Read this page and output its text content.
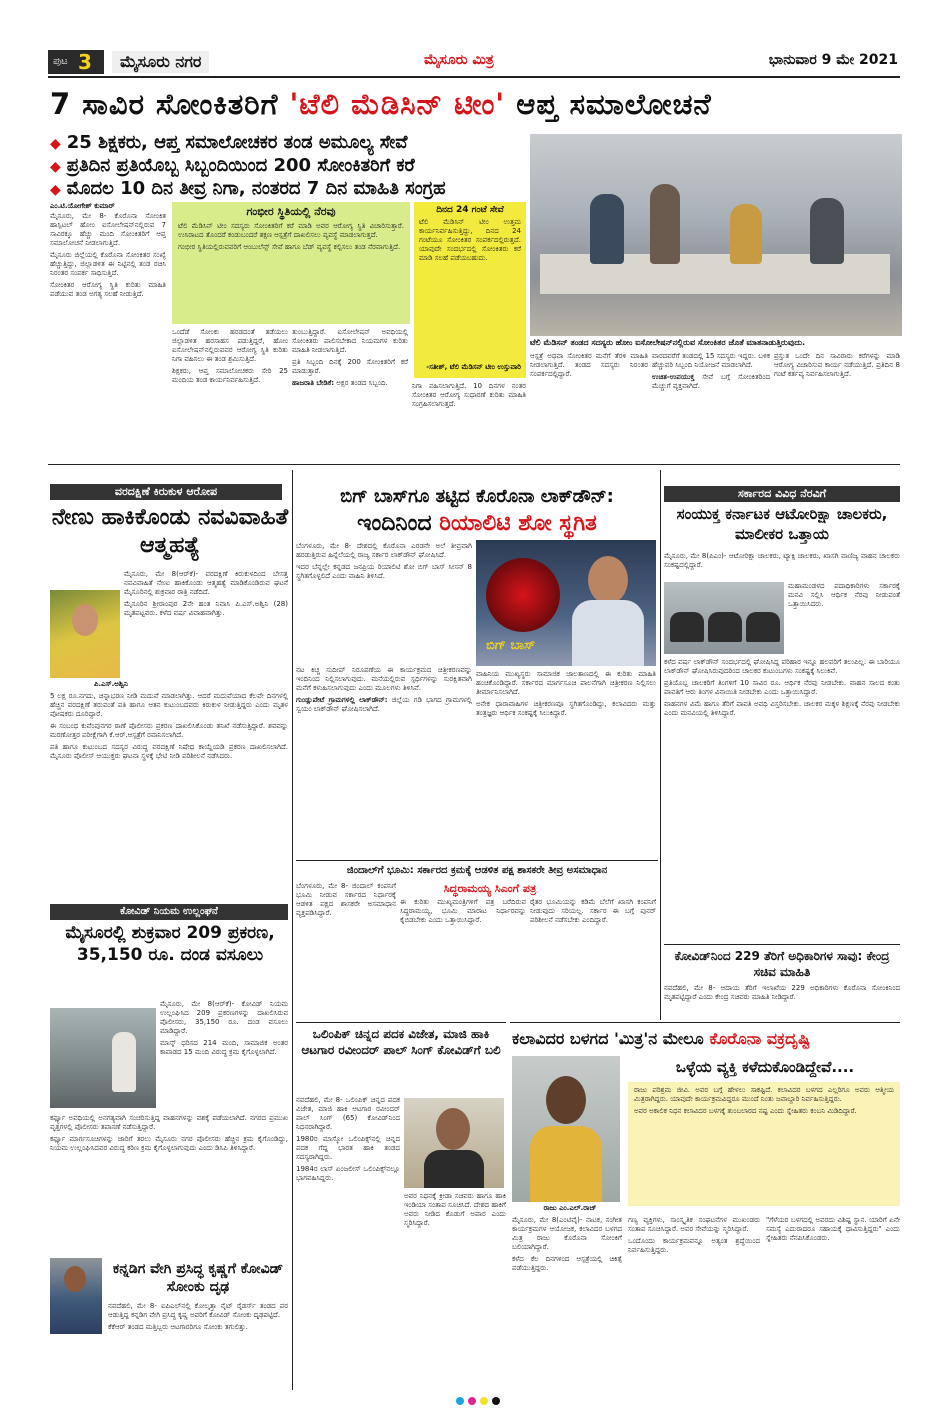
ಪುಟ 3	ಮೈಸೂರು ನಗರ	ಮೈಸೂರು ಮಿತ್ರ	ಭಾನುವಾರ 9 ಮೇ 2021
7 ಸಾವಿರ ಸೋಂಕಿತರಿಗೆ 'ಟೆಲಿ ಮೆಡಿಸಿನ್ ಟೀಂ' ಆಪ್ತ ಸಮಾಲೋಚನೆ
◆ 25 ಶಿಕ್ಷಕರು, ಆಪ್ತ ಸಮಾಲೋಚಕರ ತಂಡ ಅಮೂಲ್ಯ ಸೇವೆ
◆ ಪ್ರತಿದಿನ ಪ್ರತಿಯೊಬ್ಬ ಸಿಬ್ಬಂದಿಯಿಂದ 200 ಸೋಂಕಿತರಿಗೆ ಕರೆ
◆ ಮೊದಲ 10 ದಿನ ತೀವ್ರ ನಿಗಾ, ನಂತರದ 7 ದಿನ ಮಾಹಿತಿ ಸಂಗ್ರಹ
ಟೆಲಿ ಮೆಡಿಸನ್ ತಂಡದ ಸದಸ್ಯರು ಹೋಂ ಐಸೋಲೇಷನ್‌ನಲ್ಲಿರುವ ಸೋಂಕಿತರ ಜೊತೆ ಮಾತನಾಡುತ್ತಿರುವುದು.
ಎಂ.ಟಿ.ಯೋಗೇಶ್ ಕುಮಾರ್

ಮೈಸೂರು, ಮೇ 8- ಕೊರೊನಾ ಸೋಂಕಿತ ಹಾಸ್ಪಿಟಲ್ ಹೋಂ ಐಸೋಲೇಷನ್‌ನಲ್ಲಿರುವ 7 ಸಾವಿರಕ್ಕೂ ಹೆಚ್ಚು ಮಂದಿ ಸೋಂಕಿತರಿಗೆ ಆಪ್ತ ಸಮಾಲೋಚನೆ ನೀಡಲಾಗುತ್ತಿದೆ.

ಮೈಸೂರು ಜಿಲ್ಲೆಯಲ್ಲಿ ಕೊರೊನಾ ಸೋಂಕಿತರ ಸಂಖ್ಯೆ ಹೆಚ್ಚುತ್ತಿದ್ದು, ಜಿಲ್ಲಾಡಳಿತ ಈ ನಿಟ್ಟಿನಲ್ಲಿ ತಂಡ ರಚಿಸಿ ನಿರಂತರ ಸಂಪರ್ಕ ಸಾಧಿಸುತ್ತಿದೆ.

ಸೋಂಕಿತರ ಆರೋಗ್ಯ ಸ್ಥಿತಿ ಕುರಿತು ಮಾಹಿತಿ ಪಡೆಯುವ ತಂಡ ಅಗತ್ಯ ಸಲಹೆ ನೀಡುತ್ತಿದೆ.

ಗಂಭೀರ ಸ್ಥಿತಿಯಲ್ಲಿ ನೆರವು

ಟೆಲಿ ಮೆಡಿಸಿನ್ ಟೀಂ ಸದಸ್ಯರು ಸೋಂಕಿತರಿಗೆ ಕರೆ ಮಾಡಿ ಅವರ ಆರೋಗ್ಯ ಸ್ಥಿತಿ ವಿಚಾರಿಸುತ್ತಾರೆ. ಉಸಿರಾಟದ ತೊಂದರೆ ಕಂಡುಬಂದರೆ ತಕ್ಷಣ ಆಸ್ಪತ್ರೆಗೆ ದಾಖಲಿಸಲು ವ್ಯವಸ್ಥೆ ಮಾಡಲಾಗುತ್ತದೆ.

ಗಂಭೀರ ಸ್ಥಿತಿಯಲ್ಲಿರುವವರಿಗೆ ಆಂಬುಲೆನ್ಸ್ ಸೇವೆ ಹಾಗೂ ಬೆಡ್ ವ್ಯವಸ್ಥೆ ಕಲ್ಪಿಸಲು ತಂಡ ನೆರವಾಗುತ್ತಿದೆ.

ದಿನದ 24 ಗಂಟೆ ಸೇವೆ

ಟೆಲಿ ಮೆಡಿಸಿನ್ ಟೀಂ ಉತ್ತಮ ಕಾರ್ಯನಿರ್ವಹಿಸುತ್ತಿದ್ದು, ದಿನದ 24 ಗಂಟೆಯೂ ಸೋಂಕಿತರ ಸಂಪರ್ಕದಲ್ಲಿರುತ್ತದೆ. ಯಾವುದೇ ಸಂದರ್ಭದಲ್ಲಿ ಸೋಂಕಿತರು ಕರೆ ಮಾಡಿ ಸಲಹೆ ಪಡೆಯಬಹುದು.

-ಸತೀಶ್, ಟೆಲಿ ಮೆಡಿಸನ್ ಟೀಂ ಉಸ್ತುವಾರಿ

ಒಂದೆಡೆ ಸೋಂಕು ಹರಡದಂತೆ ತಡೆಯಲು ಜಿಲ್ಲಾಡಳಿತ ಹರಸಾಹಸ ಪಡುತ್ತಿದ್ದರೆ, ಹೋಂ ಐಸೋಲೇಷನ್‌ನಲ್ಲಿರುವವರ ಆರೋಗ್ಯ ಸ್ಥಿತಿ ಕುರಿತು ನಿಗಾ ವಹಿಸಲು ಈ ತಂಡ ಶ್ರಮಿಸುತ್ತಿದೆ.

ಶಿಕ್ಷಕರು, ಆಪ್ತ ಸಮಾಲೋಚಕರು ಸೇರಿ 25 ಮಂದಿಯ ತಂಡ ಕಾರ್ಯನಿರ್ವಹಿಸುತ್ತಿದೆ.

ತುಂಬುತ್ತಿದ್ದಾರೆ. ಐಸೋಲೇಷನ್ ಅವಧಿಯಲ್ಲಿ ಸೋಂಕಿತರು ಪಾಲಿಸಬೇಕಾದ ನಿಯಮಗಳ ಕುರಿತು ಮಾಹಿತಿ ನೀಡಲಾಗುತ್ತಿದೆ.

ಪ್ರತಿ ಸಿಬ್ಬಂದಿ ದಿನಕ್ಕೆ 200 ಸೋಂಕಿತರಿಗೆ ಕರೆ ಮಾಡುತ್ತಾರೆ.

ಹಾಜರಾತಿ ಬೇಡಿಕೆ: ಅಕ್ಷರ ತಂಡದ ಸಿಬ್ಬಂದಿ.	ನಿಗಾ ವಹಿಸಲಾಗುತ್ತಿದೆ. 10 ದಿನಗಳ ನಂತರ ಸೋಂಕಿತರ ಆರೋಗ್ಯ ಸುಧಾರಣೆ ಕುರಿತು ಮಾಹಿತಿ ಸಂಗ್ರಹಿಸಲಾಗುತ್ತದೆ.

ಆಸ್ಪತ್ರೆ ಅಥವಾ ಸೋಂಕಿತರ ಮನೆಗೆ ತೆರಳಿ ಮಾಹಿತಿ ನೀಡಲಾಗುತ್ತಿದೆ. ತಂಡದ ಸದಸ್ಯರು ನಿರಂತರ ಸಂಪರ್ಕದಲ್ಲಿದ್ದಾರೆ.

ವಾರದವರೆಗೆ ತಂಡದಲ್ಲಿ 15 ಸದಸ್ಯರು ಇದ್ದರು. ಬಳಿಕ ಹೆಚ್ಚುವರಿ ಸಿಬ್ಬಂದಿ ನಿಯೋಜನೆ ಮಾಡಲಾಗಿದೆ.

ಉಚಿತ-ಉಪಯುಕ್ತ ಸೇವೆ ಬಗ್ಗೆ ಸೋಂಕಿತರಿಂದ ಮೆಚ್ಚುಗೆ ವ್ಯಕ್ತವಾಗಿದೆ.

ಪ್ರಸ್ತುತ ಒಂದೇ ದಿನ ಸಾವಿರಾರು ಕರೆಗಳನ್ನು ಮಾಡಿ ಆರೋಗ್ಯ ವಿಚಾರಿಸುವ ಕಾರ್ಯ ನಡೆಯುತ್ತಿದೆ. ಪ್ರತಿದಿನ 8 ಗಂಟೆ ಕರ್ತವ್ಯ ನಿರ್ವಹಿಸಲಾಗುತ್ತಿದೆ.

ವರದಕ್ಷಿಣೆ ಕಿರುಕುಳ ಆರೋಪ
ನೇಣು ಹಾಕಿಕೊಂಡು ನವವಿವಾಹಿತೆ ಆತ್ಮಹತ್ಯೆ
ಪಿ.ಎಸ್.ಅಶ್ವಿನಿ

ಮೈಸೂರು, ಮೇ 8(ಆರ್‌ಕೆ)- ವರದಕ್ಷಿಣೆ ಕಿರುಕುಳದಿಂದ ಬೇಸತ್ತ ನವವಿವಾಹಿತೆ ನೇಣು ಹಾಕಿಕೊಂಡು ಆತ್ಮಹತ್ಯೆ ಮಾಡಿಕೊಂಡಿರುವ ಘಟನೆ ಮೈಸೂರಿನಲ್ಲಿ ಶುಕ್ರವಾರ ರಾತ್ರಿ ನಡೆದಿದೆ.

ಮೈಸೂರಿನ ಶ್ರೀರಾಂಪುರ 2ನೇ ಹಂತ ನಿವಾಸಿ ಪಿ.ಎಸ್.ಅಶ್ವಿನಿ (28) ಮೃತಪಟ್ಟವರು. ಕಳೆದ ವರ್ಷ ವಿವಾಹವಾಗಿತ್ತು.

5 ಲಕ್ಷ ರೂ.ನಗದು, ಚಿನ್ನಾಭರಣ ನೀಡಿ ಮದುವೆ ಮಾಡಲಾಗಿತ್ತು. ಆದರೆ ಮದುವೆಯಾದ ಕೆಲವೇ ದಿನಗಳಲ್ಲಿ ಹೆಚ್ಚಿನ ವರದಕ್ಷಿಣೆ ತರುವಂತೆ ಪತಿ ಹಾಗೂ ಆತನ ಕುಟುಂಬದವರು ಕಿರುಕುಳ ನೀಡುತ್ತಿದ್ದರು ಎಂದು ಮೃತಳ ಪೋಷಕರು ದೂರಿದ್ದಾರೆ.

ಈ ಸಂಬಂಧ ಕುವೆಂಪುನಗರ ಠಾಣೆ ಪೊಲೀಸರು ಪ್ರಕರಣ ದಾಖಲಿಸಿಕೊಂಡು ತನಿಖೆ ನಡೆಸುತ್ತಿದ್ದಾರೆ. ಶವವನ್ನು ಮರಣೋತ್ತರ ಪರೀಕ್ಷೆಗಾಗಿ ಕೆ.ಆರ್.ಆಸ್ಪತ್ರೆಗೆ ರವಾನಿಸಲಾಗಿದೆ.

ಪತಿ ಹಾಗೂ ಕುಟುಂಬದ ಸದಸ್ಯರ ವಿರುದ್ಧ ವರದಕ್ಷಿಣೆ ನಿಷೇಧ ಕಾಯ್ದೆಯಡಿ ಪ್ರಕರಣ ದಾಖಲಿಸಲಾಗಿದೆ. ಮೈಸೂರು ಪೊಲೀಸ್ ಆಯುಕ್ತರು ಘಟನಾ ಸ್ಥಳಕ್ಕೆ ಭೇಟಿ ನೀಡಿ ಪರಿಶೀಲನೆ ನಡೆಸಿದರು.

ಕೋವಿಡ್ ನಿಯಮ ಉಲ್ಲಂಘನೆ
ಮೈಸೂರಲ್ಲಿ ಶುಕ್ರವಾರ 209 ಪ್ರಕರಣ, 35,150 ರೂ. ದಂಡ ವಸೂಲು

ಮೈಸೂರು, ಮೇ 8(ಆರ್‌ಕೆ)- ಕೋವಿಡ್ ನಿಯಮ ಉಲ್ಲಂಘಿಸಿದ 209 ಪ್ರಕರಣಗಳನ್ನು ದಾಖಲಿಸಿರುವ ಪೊಲೀಸರು, 35,150 ರೂ. ದಂಡ ವಸೂಲು ಮಾಡಿದ್ದಾರೆ.

ಮಾಸ್ಕ್ ಧರಿಸದ 214 ಮಂದಿ, ಸಾಮಾಜಿಕ ಅಂತರ ಕಾಪಾಡದ 15 ಮಂದಿ ವಿರುದ್ಧ ಕ್ರಮ ಕೈಗೊಳ್ಳಲಾಗಿದೆ.

ಕರ್ಫ್ಯೂ ಅವಧಿಯಲ್ಲಿ ಅನಗತ್ಯವಾಗಿ ಸಂಚರಿಸುತ್ತಿದ್ದ ವಾಹನಗಳನ್ನು ವಶಕ್ಕೆ ಪಡೆಯಲಾಗಿದೆ. ನಗರದ ಪ್ರಮುಖ ವೃತ್ತಗಳಲ್ಲಿ ಪೊಲೀಸರು ತಪಾಸಣೆ ನಡೆಸುತ್ತಿದ್ದಾರೆ.

ಕರ್ಫ್ಯೂ ಮಾರ್ಗಸೂಚಿಗಳನ್ನು ಜಾರಿಗೆ ತರಲು ಮೈಸೂರು ನಗರ ಪೊಲೀಸರು ಹೆಚ್ಚಿನ ಕ್ರಮ ಕೈಗೊಂಡಿದ್ದು, ನಿಯಮ ಉಲ್ಲಂಘಿಸಿದವರ ವಿರುದ್ಧ ಕಠಿಣ ಕ್ರಮ ಕೈಗೊಳ್ಳಲಾಗುವುದು ಎಂದು ಡಿಸಿಪಿ ತಿಳಿಸಿದ್ದಾರೆ.

ಕನ್ನಡಿಗ ವೇಗಿ ಪ್ರಸಿದ್ಧ ಕೃಷ್ಣಗೆ ಕೋವಿಡ್ ಸೋಂಕು ದೃಢ

ನವದೆಹಲಿ, ಮೇ 8- ಐಪಿಎಲ್‌ನಲ್ಲಿ ಕೋಲ್ಕತ್ತಾ ನೈಟ್ ರೈಡರ್ಸ್ ತಂಡದ ಪರ ಆಡುತ್ತಿದ್ದ ಕನ್ನಡಿಗ ವೇಗಿ ಪ್ರಸಿದ್ಧ ಕೃಷ್ಣ ಅವರಿಗೆ ಕೋವಿಡ್ ಸೋಂಕು ದೃಢಪಟ್ಟಿದೆ.

ಕೆಕೆಆರ್ ತಂಡದ ಮತ್ತಿಬ್ಬರು ಆಟಗಾರರಿಗೂ ಸೋಂಕು ತಗುಲಿತ್ತು.

ಬಿಗ್ ಬಾಸ್‌ಗೂ ತಟ್ಟಿದ ಕೊರೊನಾ ಲಾಕ್‌ಡೌನ್:
ಇಂದಿನಿಂದ ರಿಯಾಲಿಟಿ ಶೋ ಸ್ಥಗಿತ

ಬೆಂಗಳೂರು, ಮೇ 8- ದೇಶದಲ್ಲಿ ಕೊರೊನಾ ಎರಡನೇ ಅಲೆ ತೀವ್ರವಾಗಿ ಹರಡುತ್ತಿರುವ ಹಿನ್ನೆಲೆಯಲ್ಲಿ ರಾಜ್ಯ ಸರ್ಕಾರ ಲಾಕ್‌ಡೌನ್ ಘೋಷಿಸಿದೆ.

ಇದರ ಬೆನ್ನಲ್ಲೇ ಕನ್ನಡದ ಜನಪ್ರಿಯ ರಿಯಾಲಿಟಿ ಶೋ ಬಿಗ್ ಬಾಸ್ ಸೀಸನ್ 8 ಸ್ಥಗಿತಗೊಳ್ಳಲಿದೆ ಎಂದು ವಾಹಿನಿ ತಿಳಿಸಿದೆ.

ಬಿಗ್ ಬಾಸ್

ನಟ ಕಿಚ್ಚ ಸುದೀಪ್ ನಿರೂಪಣೆಯ ಈ ಕಾರ್ಯಕ್ರಮದ ಚಿತ್ರೀಕರಣವನ್ನು ಇಂದಿನಿಂದ ನಿಲ್ಲಿಸಲಾಗುವುದು. ಮನೆಯಲ್ಲಿರುವ ಸ್ಪರ್ಧಿಗಳನ್ನು ಸುರಕ್ಷಿತವಾಗಿ ಮನೆಗೆ ಕಳುಹಿಸಲಾಗುವುದು ಎಂದು ಮೂಲಗಳು ತಿಳಿಸಿವೆ.

ಗುಂಡ್ಲುಪೇಟೆ ಗ್ರಾಮಗಳಲ್ಲಿ ಲಾಕ್‌ಡೌನ್: ಜಿಲ್ಲೆಯ ಗಡಿ ಭಾಗದ ಗ್ರಾಮಗಳಲ್ಲಿ ಸ್ವಯಂ ಲಾಕ್‌ಡೌನ್ ಘೋಷಿಸಲಾಗಿದೆ.

ವಾಹಿನಿಯ ಮುಖ್ಯಸ್ಥರು ಸಾಮಾಜಿಕ ಜಾಲತಾಣದಲ್ಲಿ ಈ ಕುರಿತು ಮಾಹಿತಿ ಹಂಚಿಕೊಂಡಿದ್ದಾರೆ. ಸರ್ಕಾರದ ಮಾರ್ಗಸೂಚಿ ಪಾಲನೆಗಾಗಿ ಚಿತ್ರೀಕರಣ ನಿಲ್ಲಿಸಲು ತೀರ್ಮಾನಿಸಲಾಗಿದೆ.

ಅನೇಕ ಧಾರಾವಾಹಿಗಳ ಚಿತ್ರೀಕರಣವೂ ಸ್ಥಗಿತಗೊಂಡಿದ್ದು, ಕಲಾವಿದರು ಮತ್ತು ತಂತ್ರಜ್ಞರು ಆರ್ಥಿಕ ಸಂಕಷ್ಟಕ್ಕೆ ಸಿಲುಕಿದ್ದಾರೆ.

ಜಿಂದಾಲ್‌ಗೆ ಭೂಮಿ: ಸರ್ಕಾರದ ಕ್ರಮಕ್ಕೆ ಆಡಳಿತ ಪಕ್ಷ ಶಾಸಕರೇ ತೀವ್ರ ಅಸಮಾಧಾನ
ಸಿದ್ಧರಾಮಯ್ಯ ಸಿಎಂಗೆ ಪತ್ರ

ಬೆಂಗಳೂರು, ಮೇ 8- ಜಿಂದಾಲ್ ಕಂಪನಿಗೆ ಭೂಮಿ ನೀಡುವ ಸರ್ಕಾರದ ನಿರ್ಧಾರಕ್ಕೆ ಆಡಳಿತ ಪಕ್ಷದ ಶಾಸಕರೇ ಅಸಮಾಧಾನ ವ್ಯಕ್ತಪಡಿಸಿದ್ದಾರೆ.

ಈ ಕುರಿತು ಮುಖ್ಯಮಂತ್ರಿಗಳಿಗೆ ಪತ್ರ ಬರೆದಿರುವ ಸಿದ್ಧರಾಮಯ್ಯ, ಭೂಮಿ ಮಾರಾಟ ನಿರ್ಧಾರವನ್ನು ಕೈಬಿಡಬೇಕು ಎಂದು ಒತ್ತಾಯಿಸಿದ್ದಾರೆ.

ರೈತರ ಭೂಮಿಯನ್ನು ಕಡಿಮೆ ಬೆಲೆಗೆ ಖಾಸಗಿ ಕಂಪನಿಗೆ ನೀಡುವುದು ಸರಿಯಲ್ಲ. ಸರ್ಕಾರ ಈ ಬಗ್ಗೆ ಪುನರ್ ಪರಿಶೀಲನೆ ನಡೆಸಬೇಕು ಎಂದಿದ್ದಾರೆ.

ಒಲಿಂಪಿಕ್ ಚಿನ್ನದ ಪದಕ ವಿಜೇತ, ಮಾಜಿ ಹಾಕಿ ಆಟಗಾರ ರವೀಂದರ್ ಪಾಲ್ ಸಿಂಗ್ ಕೋವಿಡ್‌ಗೆ ಬಲಿ

ನವದೆಹಲಿ, ಮೇ 8- ಒಲಿಂಪಿಕ್ ಚಿನ್ನದ ಪದಕ ವಿಜೇತ, ಮಾಜಿ ಹಾಕಿ ಆಟಗಾರ ರವೀಂದರ್ ಪಾಲ್ ಸಿಂಗ್ (65) ಕೋವಿಡ್‌ನಿಂದ ನಿಧನರಾಗಿದ್ದಾರೆ.

1980ರ ಮಾಸ್ಕೋ ಒಲಿಂಪಿಕ್ಸ್‌ನಲ್ಲಿ ಚಿನ್ನದ ಪದಕ ಗೆದ್ದ ಭಾರತ ಹಾಕಿ ತಂಡದ ಸದಸ್ಯರಾಗಿದ್ದರು.

1984ರ ಲಾಸ್ ಏಂಜಲೀಸ್ ಒಲಿಂಪಿಕ್ಸ್‌ನಲ್ಲೂ ಭಾಗವಹಿಸಿದ್ದರು.

ಅವರ ನಿಧನಕ್ಕೆ ಕ್ರೀಡಾ ಸಚಿವರು ಹಾಗೂ ಹಾಕಿ ಇಂಡಿಯಾ ಸಂತಾಪ ಸೂಚಿಸಿದೆ. ದೇಶದ ಹಾಕಿಗೆ ಅವರು ನೀಡಿದ ಕೊಡುಗೆ ಅಪಾರ ಎಂದು ಸ್ಮರಿಸಿದ್ದಾರೆ.

ಸರ್ಕಾರದ ವಿವಿಧ ನೆರವಿಗೆ
ಸಂಯುಕ್ತ ಕರ್ನಾಟಕ ಆಟೋರಿಕ್ಷಾ ಚಾಲಕರು, ಮಾಲೀಕರ ಒತ್ತಾಯ

ಮೈಸೂರು, ಮೇ 8(ಪಿಎಂ)- ಆಟೋರಿಕ್ಷಾ ಚಾಲಕರು, ಟ್ಯಾಕ್ಸಿ ಚಾಲಕರು, ಖಾಸಗಿ ವಾಣಿಜ್ಯ ವಾಹನ ಚಾಲಕರು ಸಂಕಷ್ಟದಲ್ಲಿದ್ದಾರೆ.

ಮಹಾಮಂಡಳದ ಪದಾಧಿಕಾರಿಗಳು ಸರ್ಕಾರಕ್ಕೆ ಮನವಿ ಸಲ್ಲಿಸಿ ಆರ್ಥಿಕ ನೆರವು ನೀಡುವಂತೆ ಒತ್ತಾಯಿಸಿದರು.

ಕಳೆದ ವರ್ಷ ಲಾಕ್‌ಡೌನ್ ಸಂದರ್ಭದಲ್ಲಿ ಘೋಷಿಸಿದ್ದ ಪರಿಹಾರ ಇನ್ನೂ ಹಲವರಿಗೆ ತಲುಪಿಲ್ಲ. ಈ ಬಾರಿಯೂ ಲಾಕ್‌ಡೌನ್ ಘೋಷಿಸಿರುವುದರಿಂದ ಚಾಲಕರ ಕುಟುಂಬಗಳು ಸಂಕಷ್ಟಕ್ಕೆ ಸಿಲುಕಿವೆ.

ಪ್ರತಿಯೊಬ್ಬ ಚಾಲಕರಿಗೆ ತಿಂಗಳಿಗೆ 10 ಸಾವಿರ ರೂ. ಆರ್ಥಿಕ ನೆರವು ನೀಡಬೇಕು. ವಾಹನ ಸಾಲದ ಕಂತು ಪಾವತಿಗೆ ಆರು ತಿಂಗಳ ವಿನಾಯಿತಿ ನೀಡಬೇಕು ಎಂದು ಒತ್ತಾಯಿಸಿದ್ದಾರೆ.

ವಾಹನಗಳ ವಿಮೆ ಹಾಗೂ ತೆರಿಗೆ ಪಾವತಿ ಅವಧಿ ವಿಸ್ತರಿಸಬೇಕು. ಚಾಲಕರ ಮಕ್ಕಳ ಶಿಕ್ಷಣಕ್ಕೆ ನೆರವು ನೀಡಬೇಕು ಎಂದು ಮನವಿಯಲ್ಲಿ ತಿಳಿಸಿದ್ದಾರೆ.

ಕೋವಿಡ್‌ನಿಂದ 229 ತೆರಿಗೆ ಅಧಿಕಾರಿಗಳ ಸಾವು: ಕೇಂದ್ರ ಸಚಿವ ಮಾಹಿತಿ

ನವದೆಹಲಿ, ಮೇ 8- ಆದಾಯ ತೆರಿಗೆ ಇಲಾಖೆಯ 229 ಅಧಿಕಾರಿಗಳು ಕೊರೊನಾ ಸೋಂಕಿನಿಂದ ಮೃತಪಟ್ಟಿದ್ದಾರೆ ಎಂದು ಕೇಂದ್ರ ಸಚಿವರು ಮಾಹಿತಿ ನೀಡಿದ್ದಾರೆ.

ಕಲಾವಿದರ ಬಳಗದ 'ಮಿತ್ರ'ನ ಮೇಲೂ ಕೊರೊನಾ ವಕ್ರದೃಷ್ಟಿ
ರಾಜು ಎಂ.ಎಲ್.ರಾಜ್
ಒಳ್ಳೆಯ ವ್ಯಕ್ತಿ ಕಳೆದುಕೊಂಡಿದ್ದೇವೆ....

ರಾಜು ಪರಿಶ್ರಮ ಜೀವಿ. ಅವರ ಬಗ್ಗೆ ಹೇಳಲು ಸಾಕಷ್ಟಿದೆ. ಕಲಾವಿದರ ಬಳಗದ ಎಲ್ಲರಿಗೂ ಅವರು ಆತ್ಮೀಯ ಮಿತ್ರರಾಗಿದ್ದರು. ಯಾವುದೇ ಕಾರ್ಯಕ್ರಮವಿದ್ದರೂ ಮುಂದೆ ನಿಂತು ಜವಾಬ್ದಾರಿ ನಿರ್ವಹಿಸುತ್ತಿದ್ದರು.

ಅವರ ಅಕಾಲಿಕ ನಿಧನ ಕಲಾವಿದರ ಬಳಗಕ್ಕೆ ತುಂಬಲಾರದ ನಷ್ಟ ಎಂದು ಸ್ನೇಹಿತರು ಕಂಬನಿ ಮಿಡಿದಿದ್ದಾರೆ.

ಮೈಸೂರು, ಮೇ 8(ಎಂಟಿವೈ)- ನಾಟಕ, ಸಂಗೀತ ಕಾರ್ಯಕ್ರಮಗಳ ಆಯೋಜಕ, ಕಲಾವಿದರ ಬಳಗದ ಮಿತ್ರ ರಾಜು ಕೊರೊನಾ ಸೋಂಕಿಗೆ ಬಲಿಯಾಗಿದ್ದಾರೆ.

ಕಳೆದ ಕೆಲ ದಿನಗಳಿಂದ ಆಸ್ಪತ್ರೆಯಲ್ಲಿ ಚಿಕಿತ್ಸೆ ಪಡೆಯುತ್ತಿದ್ದರು.

ಗಣ್ಯ ವ್ಯಕ್ತಿಗಳು, ಸಾಂಸ್ಕೃತಿಕ ಸಂಘಟನೆಗಳ ಮುಖಂಡರು ಸಂತಾಪ ಸೂಚಿಸಿದ್ದಾರೆ. ಅವರ ಸೇವೆಯನ್ನು ಸ್ಮರಿಸಿದ್ದಾರೆ.

ಒಂದೊಂದು ಕಾರ್ಯಕ್ರಮವನ್ನೂ ಅತ್ಯಂತ ಶ್ರದ್ಧೆಯಿಂದ ನಿರ್ವಹಿಸುತ್ತಿದ್ದರು.

"ಗೆಳೆಯರ ಬಳಗದಲ್ಲಿ ಅವರದು ವಿಶಿಷ್ಟ ಸ್ಥಾನ. ಯಾರಿಗೆ ಏನೇ ಸಮಸ್ಯೆ ಎದುರಾದರೂ ಸಹಾಯಕ್ಕೆ ಧಾವಿಸುತ್ತಿದ್ದರು" ಎಂದು ಸ್ನೇಹಿತರು ನೆನಪಿಸಿಕೊಂಡರು.
